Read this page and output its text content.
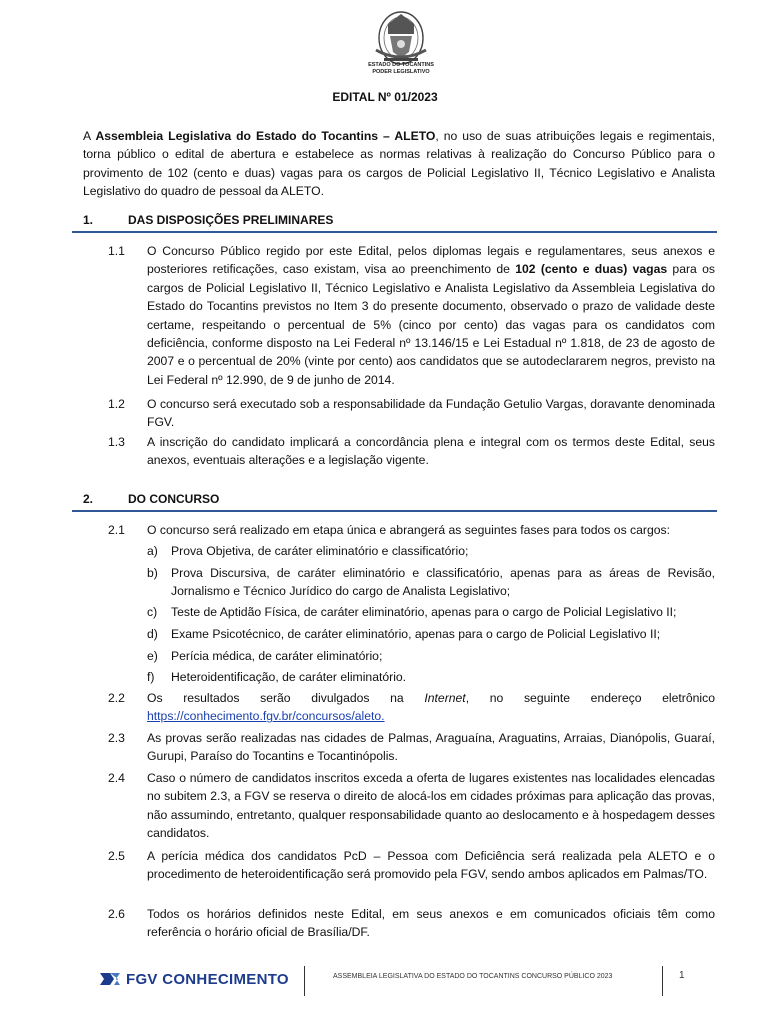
ESTADO DO TOCANTINS
PODER LEGISLATIVO
EDITAL Nº 01/2023
A Assembleia Legislativa do Estado do Tocantins – ALETO, no uso de suas atribuições legais e regimentais, torna público o edital de abertura e estabelece as normas relativas à realização do Concurso Público para o provimento de 102 (cento e duas) vagas para os cargos de Policial Legislativo II, Técnico Legislativo e Analista Legislativo do quadro de pessoal da ALETO.
1.	DAS DISPOSIÇÕES PRELIMINARES
1.1 O Concurso Público regido por este Edital, pelos diplomas legais e regulamentares, seus anexos e posteriores retificações, caso existam, visa ao preenchimento de 102 (cento e duas) vagas para os cargos de Policial Legislativo II, Técnico Legislativo e Analista Legislativo da Assembleia Legislativa do Estado do Tocantins previstos no Item 3 do presente documento, observado o prazo de validade deste certame, respeitando o percentual de 5% (cinco por cento) das vagas para os candidatos com deficiência, conforme disposto na Lei Federal nº 13.146/15 e Lei Estadual nº 1.818, de 23 de agosto de 2007 e o percentual de 20% (vinte por cento) aos candidatos que se autodeclararem negros, previsto na Lei Federal nº 12.990, de 9 de junho de 2014.
1.2 O concurso será executado sob a responsabilidade da Fundação Getulio Vargas, doravante denominada FGV.
1.3 A inscrição do candidato implicará a concordância plena e integral com os termos deste Edital, seus anexos, eventuais alterações e a legislação vigente.
2.	DO CONCURSO
2.1 O concurso será realizado em etapa única e abrangerá as seguintes fases para todos os cargos:
a) Prova Objetiva, de caráter eliminatório e classificatório;
b) Prova Discursiva, de caráter eliminatório e classificatório, apenas para as áreas de Revisão, Jornalismo e Técnico Jurídico do cargo de Analista Legislativo;
c) Teste de Aptidão Física, de caráter eliminatório, apenas para o cargo de Policial Legislativo II;
d) Exame Psicotécnico, de caráter eliminatório, apenas para o cargo de Policial Legislativo II;
e) Perícia médica, de caráter eliminatório;
f) Heteroidentificação, de caráter eliminatório.
2.2 Os resultados serão divulgados na Internet, no seguinte endereço eletrônico
https://conhecimento.fgv.br/concursos/aleto.
2.3 As provas serão realizadas nas cidades de Palmas, Araguaína, Araguatins, Arraias, Dianópolis, Guaraí, Gurupi, Paraíso do Tocantins e Tocantinópolis.
2.4 Caso o número de candidatos inscritos exceda a oferta de lugares existentes nas localidades elencadas no subitem 2.3, a FGV se reserva o direito de alocá-los em cidades próximas para aplicação das provas, não assumindo, entretanto, qualquer responsabilidade quanto ao deslocamento e à hospedagem desses candidatos.
2.5 A perícia médica dos candidatos PcD – Pessoa com Deficiência será realizada pela ALETO e o procedimento de heteroidentificação será promovido pela FGV, sendo ambos aplicados em Palmas/TO.
2.6 Todos os horários definidos neste Edital, em seus anexos e em comunicados oficiais têm como referência o horário oficial de Brasília/DF.
FGV CONHECIMENTO	ASSEMBLEIA LEGISLATIVA DO ESTADO DO TOCANTINS CONCURSO PÚBLICO 2023	1
